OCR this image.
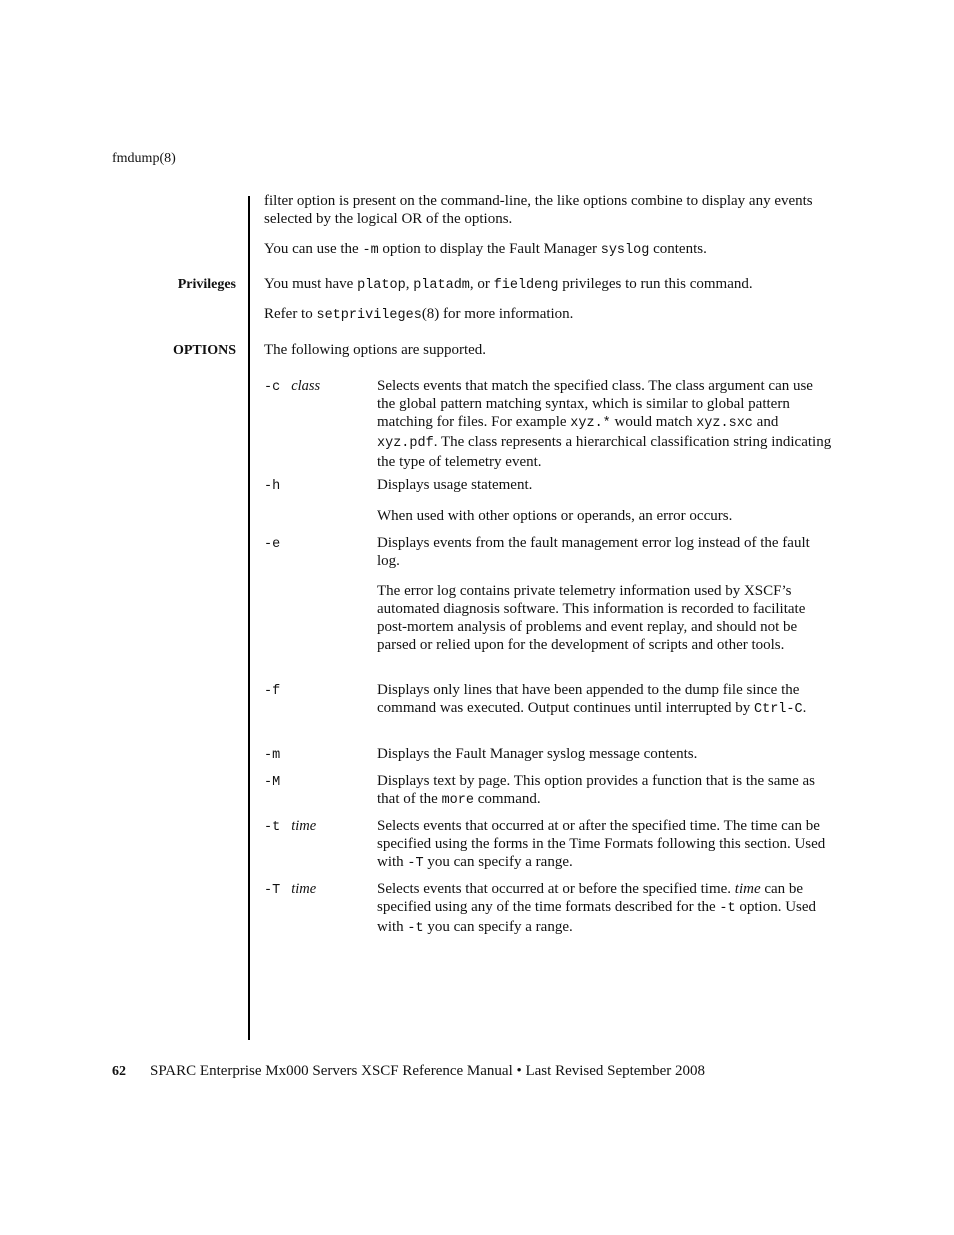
fmdump(8)

filter option is present on the command-line, the like options combine to display any events selected by the logical OR of the options.

You can use the -m option to display the Fault Manager syslog contents.

Privileges You must have platop, platadm, or fieldeng privileges to run this command.

Refer to setprivileges(8) for more information.

OPTIONS The following options are supported.

-c class	Selects events that match the specified class. The class argument can use the global pattern matching syntax, which is similar to global pattern matching for files. For example xyz.* would match xyz.sxc and xyz.pdf. The class represents a hierarchical classification string indicating the type of telemetry event.

-h	Displays usage statement.

When used with other options or operands, an error occurs.

-e	Displays events from the fault management error log instead of the fault log.

The error log contains private telemetry information used by XSCF’s automated diagnosis software. This information is recorded to facilitate post-mortem analysis of problems and event replay, and should not be parsed or relied upon for the development of scripts and other tools.

-f	Displays only lines that have been appended to the dump file since the command was executed. Output continues until interrupted by Ctrl-C.

-m	Displays the Fault Manager syslog message contents.

-M	Displays text by page. This option provides a function that is the same as that of the more command.

-t time	Selects events that occurred at or after the specified time. The time can be specified using the forms in the Time Formats following this section. Used with -T you can specify a range.

-T time	Selects events that occurred at or before the specified time. time can be specified using any of the time formats described for the -t option. Used with -t you can specify a range.

62 SPARC Enterprise Mx000 Servers XSCF Reference Manual • Last Revised September 2008
